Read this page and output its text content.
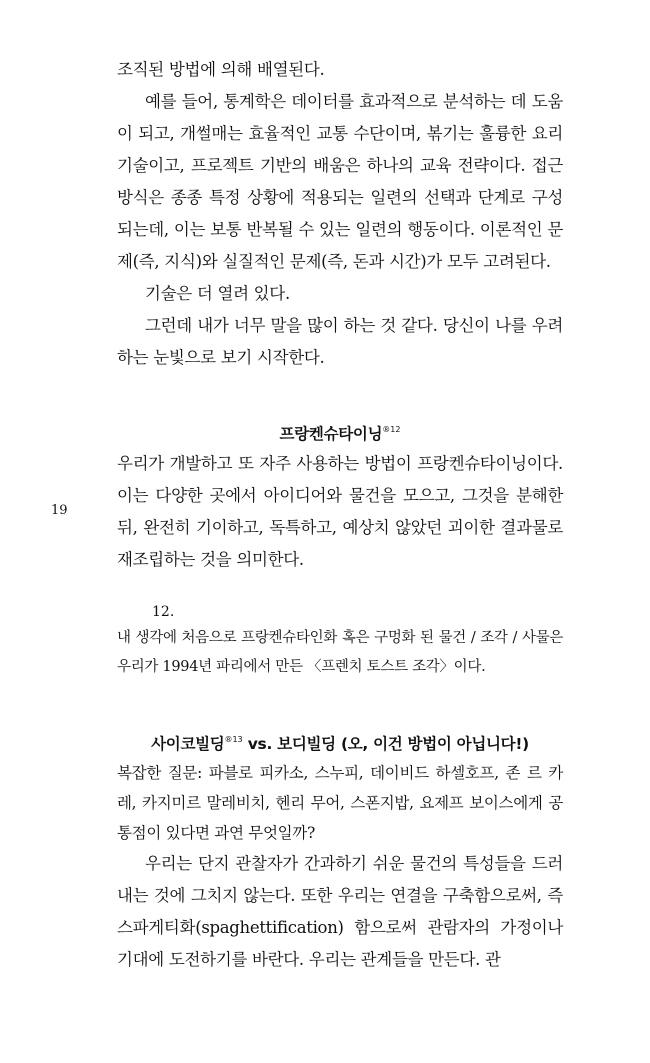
19

조직된 방법에 의해 배열된다.

예를 들어, 통계학은 데이터를 효과적으로 분석하는 데 도움이 되고, 개썰매는 효율적인 교통 수단이며, 볶기는 훌륭한 요리 기술이고, 프로젝트 기반의 배움은 하나의 교육 전략이다. 접근 방식은 종종 특정 상황에 적용되는 일련의 선택과 단계로 구성되는데, 이는 보통 반복될 수 있는 일련의 행동이다. 이론적인 문제(즉, 지식)와 실질적인 문제(즉, 돈과 시간)가 모두 고려된다.

기술은 더 열려 있다.

그런데 내가 너무 말을 많이 하는 것 같다. 당신이 나를 우려하는 눈빛으로 보기 시작한다.

프랑켄슈타이닝$^{®12}$

우리가 개발하고 또 자주 사용하는 방법이 프랑켄슈타이닝이다. 이는 다양한 곳에서 아이디어와 물건을 모으고, 그것을 분해한 뒤, 완전히 기이하고, 독특하고, 예상치 않았던 괴이한 결과물로 재조립하는 것을 의미한다.

12.

내 생각에 처음으로 프랑켄슈타인화 혹은 구멍화 된 물건 / 조각 / 사물은 우리가 1994년 파리에서 만든 〈프렌치 토스트 조각〉이다.

사이코빌딩$^{®13}$ vs. 보디빌딩 (오, 이건 방법이 아닙니다!)

복잡한 질문: 파블로 피카소, 스누피, 데이비드 하셀호프, 존 르 카레, 카지미르 말레비치, 헨리 무어, 스폰지밥, 요제프 보이스에게 공통점이 있다면 과연 무엇일까?

우리는 단지 관찰자가 간과하기 쉬운 물건의 특성들을 드러내는 것에 그치지 않는다. 또한 우리는 연결을 구축함으로써, 즉 스파게티화(spaghettification) 함으로써 관람자의 가정이나 기대에 도전하기를 바란다. 우리는 관계들을 만든다. 관
